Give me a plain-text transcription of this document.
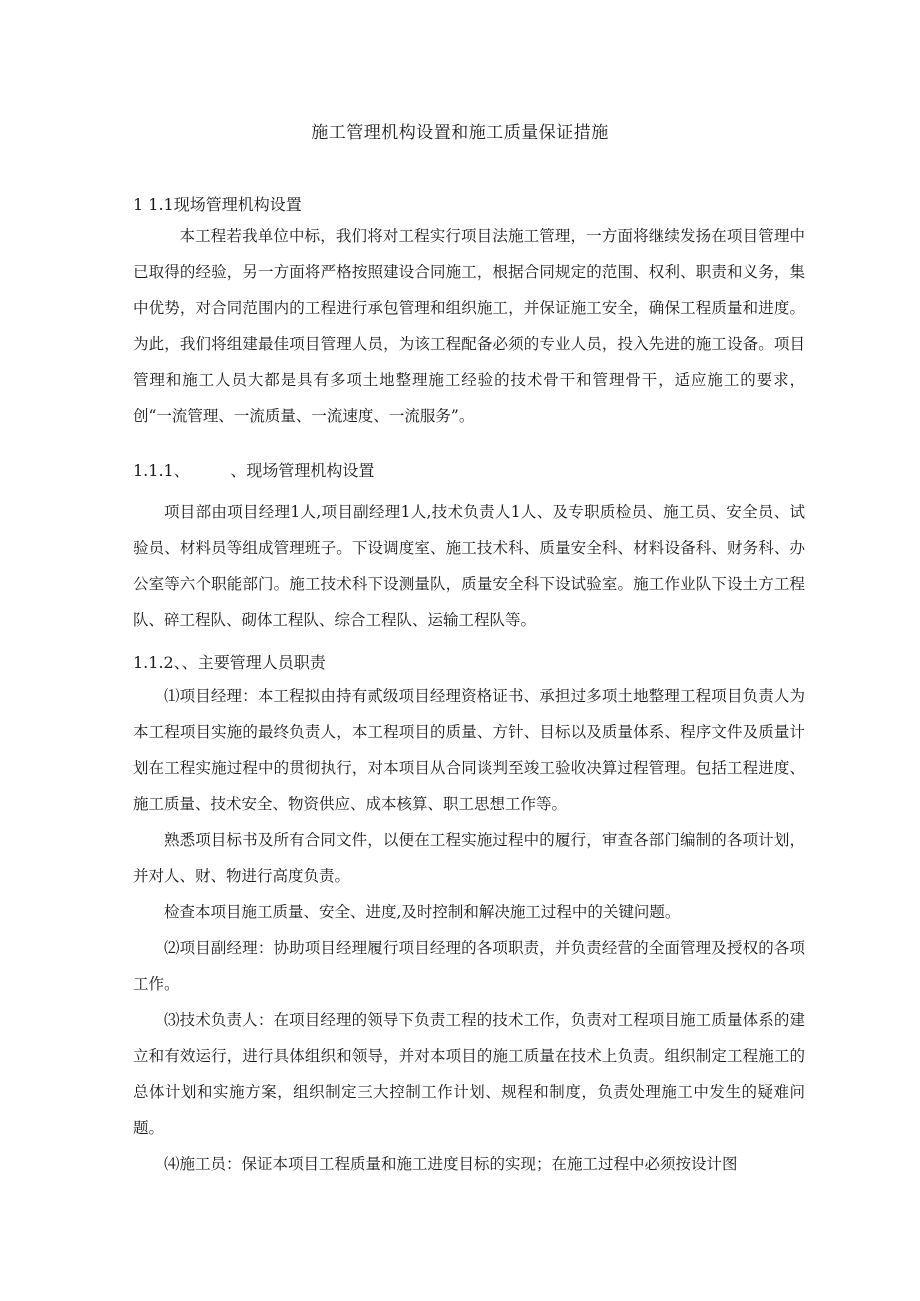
施工管理机构设置和施工质量保证措施
1 1.1现场管理机构设置
本工程若我单位中标，我们将对工程实行项目法施工管理，一方面将继续发扬在项目管理中已取得的经验，另一方面将严格按照建设合同施工，根据合同规定的范围、权利、职责和义务，集中优势，对合同范围内的工程进行承包管理和组织施工，并保证施工安全，确保工程质量和进度。为此，我们将组建最佳项目管理人员，为该工程配备必须的专业人员，投入先进的施工设备。项目管理和施工人员大都是具有多项土地整理施工经验的技术骨干和管理骨干，适应施工的要求，创“一流管理、一流质量、一流速度、一流服务”。
1.1.1、        、现场管理机构设置
项目部由项目经理1人,项目副经理1人,技术负责人1人、及专职质检员、施工员、安全员、试验员、材料员等组成管理班子。下设调度室、施工技术科、质量安全科、材料设备科、财务科、办公室等六个职能部门。施工技术科下设测量队，质量安全科下设试验室。施工作业队下设土方工程队、碎工程队、砌体工程队、综合工程队、运输工程队等。
1.1.2、、主要管理人员职责
⑴项目经理：本工程拟由持有贰级项目经理资格证书、承担过多项土地整理工程项目负责人为本工程项目实施的最终负责人，本工程项目的质量、方针、目标以及质量体系、程序文件及质量计划在工程实施过程中的贯彻执行，对本项目从合同谈判至竣工验收决算过程管理。包括工程进度、施工质量、技术安全、物资供应、成本核算、职工思想工作等。
熟悉项目标书及所有合同文件，以便在工程实施过程中的履行，审查各部门编制的各项计划，并对人、财、物进行高度负责。
检查本项目施工质量、安全、进度,及时控制和解决施工过程中的关键问题。
⑵项目副经理：协助项目经理履行项目经理的各项职责，并负责经营的全面管理及授权的各项工作。
⑶技术负责人：在项目经理的领导下负责工程的技术工作，负责对工程项目施工质量体系的建立和有效运行，进行具体组织和领导，并对本项目的施工质量在技术上负责。组织制定工程施工的总体计划和实施方案，组织制定三大控制工作计划、规程和制度，负责处理施工中发生的疑难问题。
⑷施工员：保证本项目工程质量和施工进度目标的实现；在施工过程中必须按设计图
